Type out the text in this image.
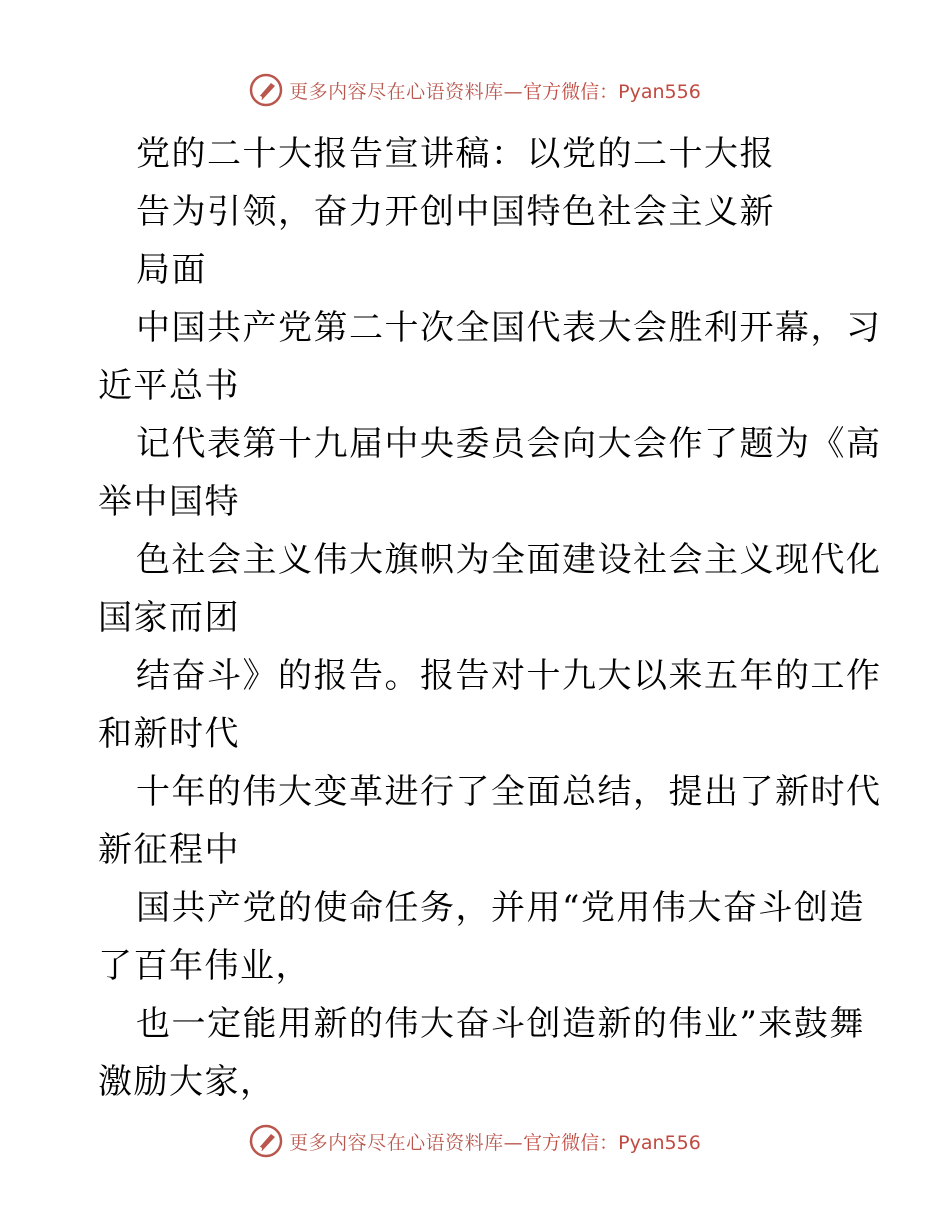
更多内容尽在心语资料库— 官方微信：Pyan556
党的二十大报告宣讲稿：以党的二十大报
告为引领，奋力开创中国特色社会主义新
局面
中国共产党第二十次全国代表大会胜利开幕，习
近平总书
记代表第十九届中央委员会向大会作了题为《高
举中国特
色社会主义伟大旗帜为全面建设社会主义现代化
国家而团
结奋斗》的报告。报告对十九大以来五年的工作
和新时代
十年的伟大变革进行了全面总结，提出了新时代
新征程中
国共产党的使命任务，并用“党用伟大奋斗创造
了百年伟业，
也一定能用新的伟大奋斗创造新的伟业”来鼓舞
激励大家，
更多内容尽在心语资料库— 官方微信：Pyan556
